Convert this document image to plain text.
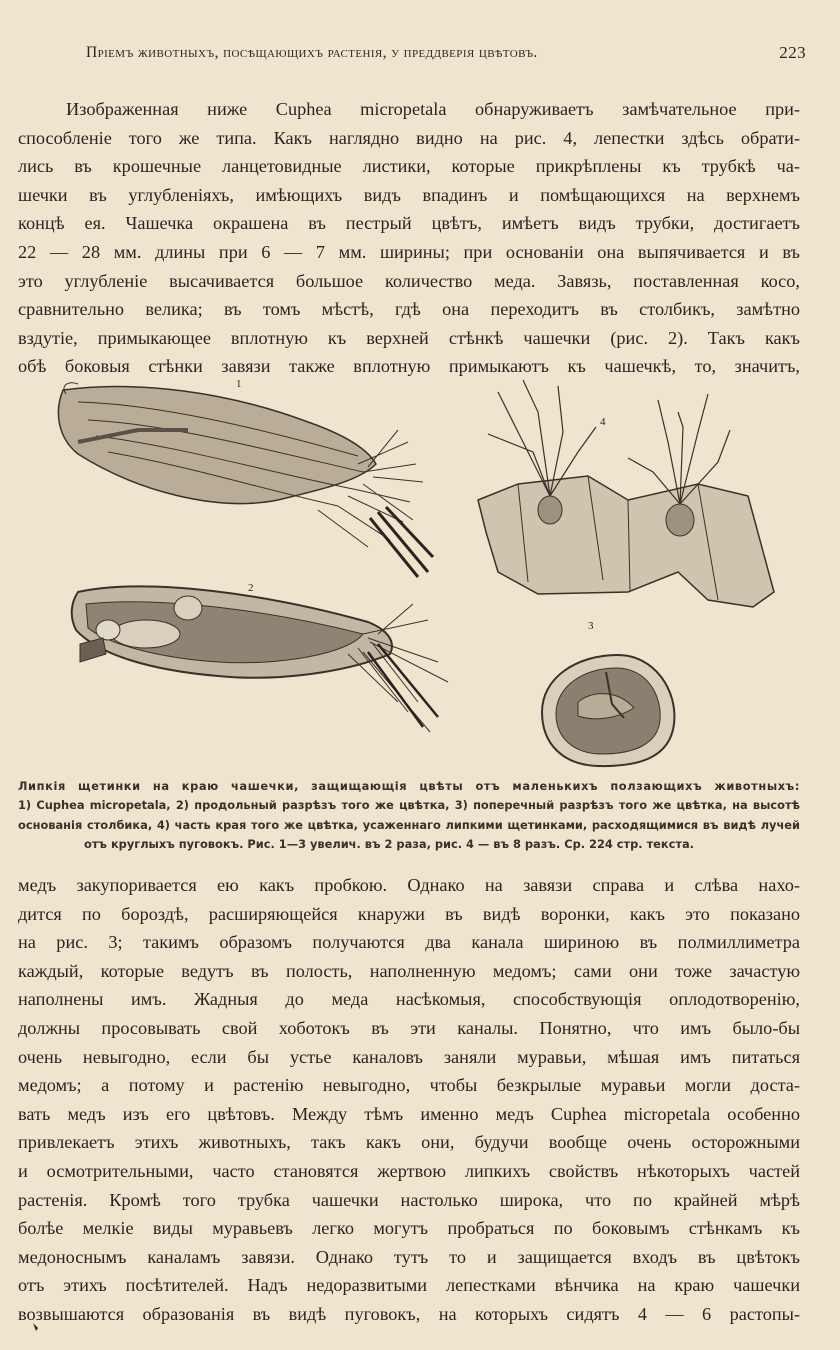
Пріемъ животныхъ, посѣщающихъ растенія, у преддверія цвѣтовъ.	223
Изображенная ниже Cuphea micropetala обнаруживаетъ замѣчательное при-
способленіе того же типа. Какъ наглядно видно на рис. 4, лепестки здѣсь обрати-
лись въ крошечные ланцетовидные листики, которые прикрѣплены къ трубкѣ ча-
шечки въ углубленіяхъ, имѣющихъ видъ впадинъ и помѣщающихся на верхнемъ
концѣ ея. Чашечка окрашена въ пестрый цвѣтъ, имѣетъ видъ трубки, достигаетъ
22 — 28 мм. длины при 6 — 7 мм. ширины; при основаніи она выпячивается и въ
это углубленіе высачивается большое количество меда. Завязь, поставленная косо,
сравнительно велика; въ томъ мѣстѣ, гдѣ она переходитъ въ столбикъ, замѣтно
вздутіе, примыкающее вплотную къ верхней стѣнкѣ чашечки (рис. 2). Такъ какъ
обѣ боковыя стѣнки завязи также вплотную примыкаютъ къ чашечкѣ, то, значитъ,
1
2
3
4
Липкія щетинки на краю чашечки, защищающія цвѣты отъ маленькихъ ползающихъ животныхъ:
1) Cuphea micropetala, 2) продольный разрѣзъ того же цвѣтка, 3) поперечный разрѣзъ того же цвѣтка, на высотѣ
основанія столбика, 4) часть края того же цвѣтка, усаженнаго липкими щетинками, расходящимися въ видѣ лучей
отъ круглыхъ пуговокъ. Рис. 1—3 увелич. въ 2 раза, рис. 4 — въ 8 разъ. Ср. 224 стр. текста.
медъ закупоривается ею какъ пробкою. Однако на завязи справа и слѣва нахо-
дится по бороздѣ, расширяющейся кнаружи въ видѣ воронки, какъ это показано
на рис. 3; такимъ образомъ получаются два канала шириною въ полмиллиметра
каждый, которые ведутъ въ полость, наполненную медомъ; сами они тоже зачастую
наполнены имъ. Жадныя до меда насѣкомыя, способствующія оплодотворенію,
должны просовывать свой хоботокъ въ эти каналы. Понятно, что имъ было-бы
очень невыгодно, если бы устье каналовъ заняли муравьи, мѣшая имъ питаться
медомъ; а потому и растенію невыгодно, чтобы безкрылые муравьи могли доста-
вать медъ изъ его цвѣтовъ. Между тѣмъ именно медъ Cuphea micropetala особенно
привлекаетъ этихъ животныхъ, такъ какъ они, будучи вообще очень осторожными
и осмотрительными, часто становятся жертвою липкихъ свойствъ нѣкоторыхъ частей
растенія. Кромѣ того трубка чашечки настолько широка, что по крайней мѣрѣ
болѣе мелкіе виды муравьевъ легко могутъ пробраться по боковымъ стѣнкамъ къ
медоноснымъ каналамъ завязи. Однако тутъ то и защищается входъ въ цвѣтокъ
отъ этихъ посѣтителей. Надъ недоразвитыми лепестками вѣнчика на краю чашечки
возвышаются образованія въ видѣ пуговокъ, на которыхъ сидятъ 4 — 6 растопы-
